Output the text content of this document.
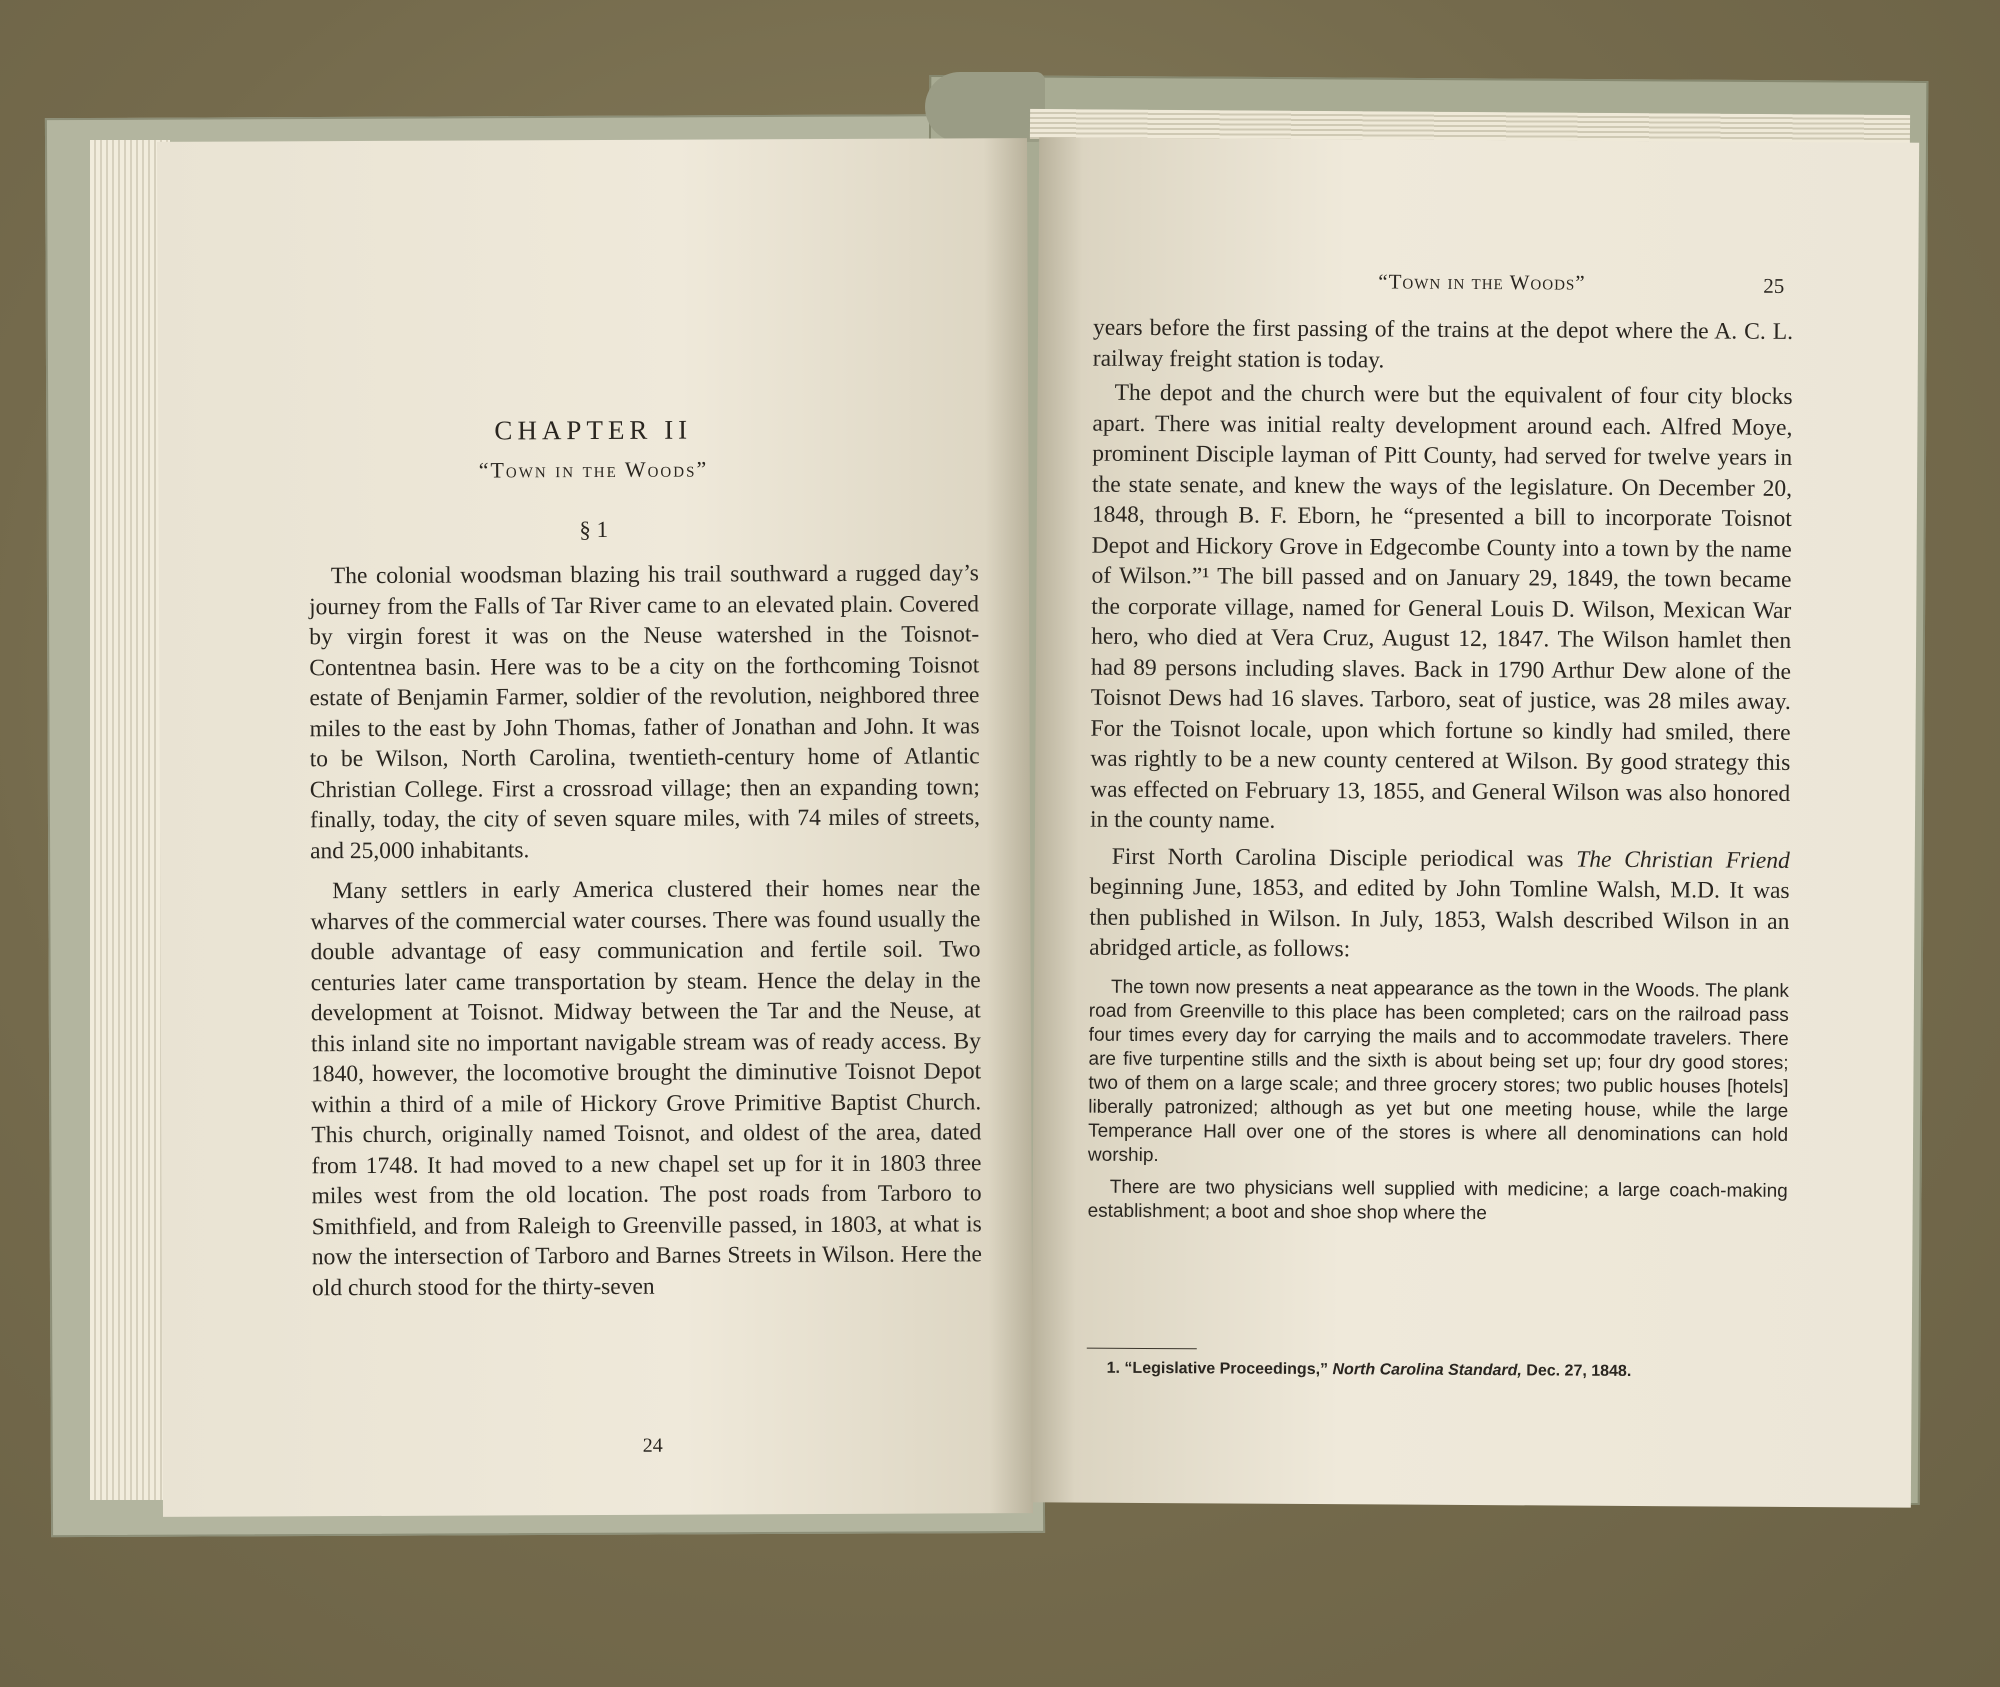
CHAPTER II
“Town in the Woods”
§ 1

The colonial woodsman blazing his trail southward a rugged day’s journey from the Falls of Tar River came to an elevated plain. Covered by virgin forest it was on the Neuse watershed in the Toisnot-Contentnea basin. Here was to be a city on the forthcoming Toisnot estate of Benjamin Farmer, soldier of the revolution, neighbored three miles to the east by John Thomas, father of Jonathan and John. It was to be Wilson, North Carolina, twentieth-century home of Atlantic Christian College. First a crossroad village; then an expanding town; finally, today, the city of seven square miles, with 74 miles of streets, and 25,000 inhabitants.

Many settlers in early America clustered their homes near the wharves of the commercial water courses. There was found usually the double advantage of easy communication and fertile soil. Two centuries later came transportation by steam. Hence the delay in the development at Toisnot. Midway between the Tar and the Neuse, at this inland site no important navigable stream was of ready access. By 1840, however, the locomotive brought the diminutive Toisnot Depot within a third of a mile of Hickory Grove Primitive Baptist Church. This church, originally named Toisnot, and oldest of the area, dated from 1748. It had moved to a new chapel set up for it in 1803 three miles west from the old location. The post roads from Tarboro to Smithfield, and from Raleigh to Greenville passed, in 1803, at what is now the intersection of Tarboro and Barnes Streets in Wilson. Here the old church stood for the thirty-seven

24
“Town in the Woods”	25

years before the first passing of the trains at the depot where the A. C. L. railway freight station is today.

The depot and the church were but the equivalent of four city blocks apart. There was initial realty development around each. Alfred Moye, prominent Disciple layman of Pitt County, had served for twelve years in the state senate, and knew the ways of the legislature. On December 20, 1848, through B. F. Eborn, he “presented a bill to incorporate Toisnot Depot and Hickory Grove in Edgecombe County into a town by the name of Wilson.”¹ The bill passed and on January 29, 1849, the town became the corporate village, named for General Louis D. Wilson, Mexican War hero, who died at Vera Cruz, August 12, 1847. The Wilson hamlet then had 89 persons including slaves. Back in 1790 Arthur Dew alone of the Toisnot Dews had 16 slaves. Tarboro, seat of justice, was 28 miles away. For the Toisnot locale, upon which fortune so kindly had smiled, there was rightly to be a new county centered at Wilson. By good strategy this was effected on February 13, 1855, and General Wilson was also honored in the county name.

First North Carolina Disciple periodical was The Christian Friend beginning June, 1853, and edited by John Tomline Walsh, M.D. It was then published in Wilson. In July, 1853, Walsh described Wilson in an abridged article, as follows:

The town now presents a neat appearance as the town in the Woods. The plank road from Greenville to this place has been completed; cars on the railroad pass four times every day for carrying the mails and to accommodate travelers. There are five turpentine stills and the sixth is about being set up; four dry good stores; two of them on a large scale; and three grocery stores; two public houses [hotels] liberally patronized; although as yet but one meeting house, while the large Temperance Hall over one of the stores is where all denominations can hold worship.

There are two physicians well supplied with medicine; a large coach-making establishment; a boot and shoe shop where the

1. “Legislative Proceedings,” North Carolina Standard, Dec. 27, 1848.
